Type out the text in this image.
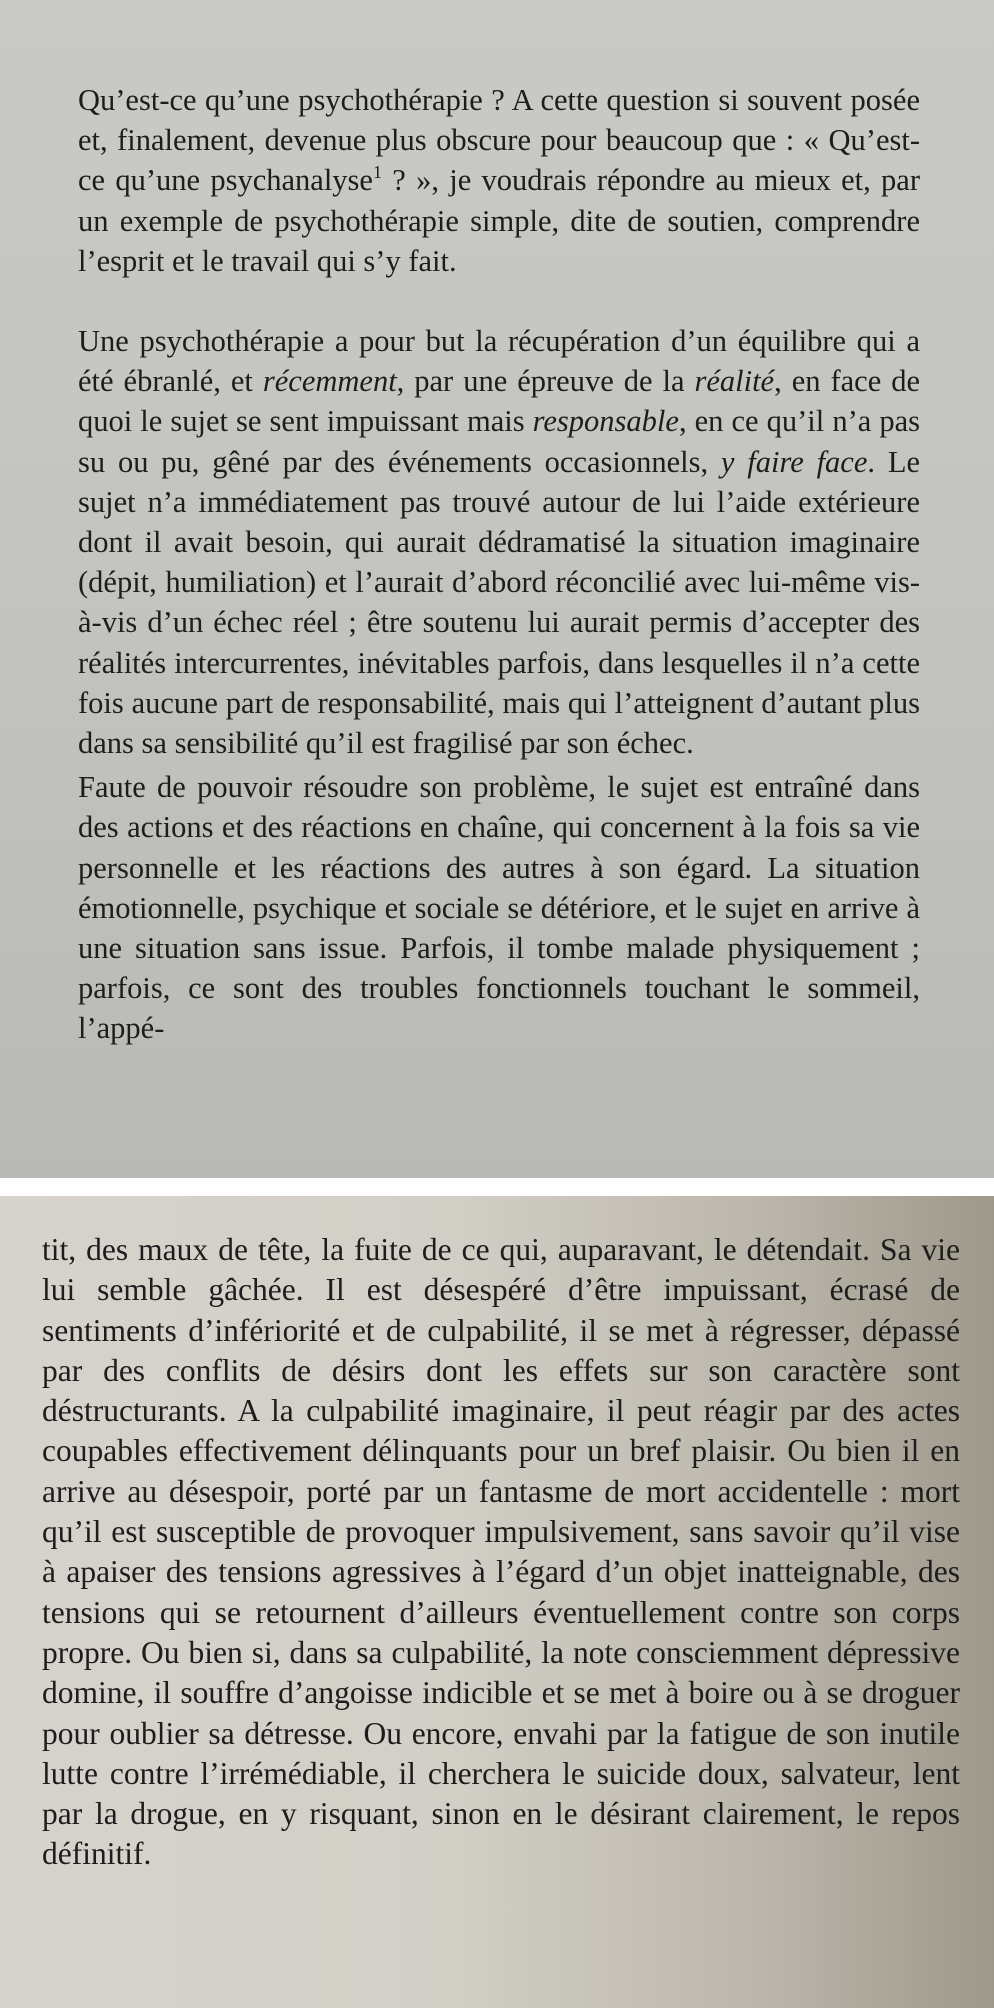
Qu’est-ce qu’une psychothérapie ? A cette question si souvent posée et, finalement, devenue plus obscure pour beaucoup que : « Qu’est-ce qu’une psychanalyse$^1$ ? », je voudrais répondre au mieux et, par un exemple de psychothérapie simple, dite de soutien, comprendre l’esprit et le travail qui s’y fait.

Une psychothérapie a pour but la récupération d’un équilibre qui a été ébranlé, et récemment, par une épreuve de la réalité, en face de quoi le sujet se sent impuissant mais responsable, en ce qu’il n’a pas su ou pu, gêné par des événements occasionnels, y faire face. Le sujet n’a immédiatement pas trouvé autour de lui l’aide extérieure dont il avait besoin, qui aurait dédramatisé la situation imaginaire (dépit, humiliation) et l’aurait d’abord réconcilié avec lui-même vis-à-vis d’un échec réel ; être soutenu lui aurait permis d’accepter des réalités intercurrentes, inévitables parfois, dans lesquelles il n’a cette fois aucune part de responsabilité, mais qui l’atteignent d’autant plus dans sa sensibilité qu’il est fragilisé par son échec.

Faute de pouvoir résoudre son problème, le sujet est entraîné dans des actions et des réactions en chaîne, qui concernent à la fois sa vie personnelle et les réactions des autres à son égard. La situation émotionnelle, psychique et sociale se détériore, et le sujet en arrive à une situation sans issue. Parfois, il tombe malade physiquement ; parfois, ce sont des troubles fonctionnels touchant le sommeil, l’appé-

tit, des maux de tête, la fuite de ce qui, auparavant, le détendait. Sa vie lui semble gâchée. Il est désespéré d’être impuissant, écrasé de sentiments d’infériorité et de culpabilité, il se met à régresser, dépassé par des conflits de désirs dont les effets sur son caractère sont déstructurants. A la culpabilité imaginaire, il peut réagir par des actes coupables effectivement délinquants pour un bref plaisir. Ou bien il en arrive au désespoir, porté par un fantasme de mort accidentelle : mort qu’il est susceptible de provoquer impulsivement, sans savoir qu’il vise à apaiser des tensions agressives à l’égard d’un objet inatteignable, des tensions qui se retournent d’ailleurs éventuellement contre son corps propre. Ou bien si, dans sa culpabilité, la note consciemment dépressive domine, il souffre d’angoisse indicible et se met à boire ou à se droguer pour oublier sa détresse. Ou encore, envahi par la fatigue de son inutile lutte contre l’irrémédiable, il cherchera le suicide doux, salvateur, lent par la drogue, en y risquant, sinon en le désirant clairement, le repos définitif.
